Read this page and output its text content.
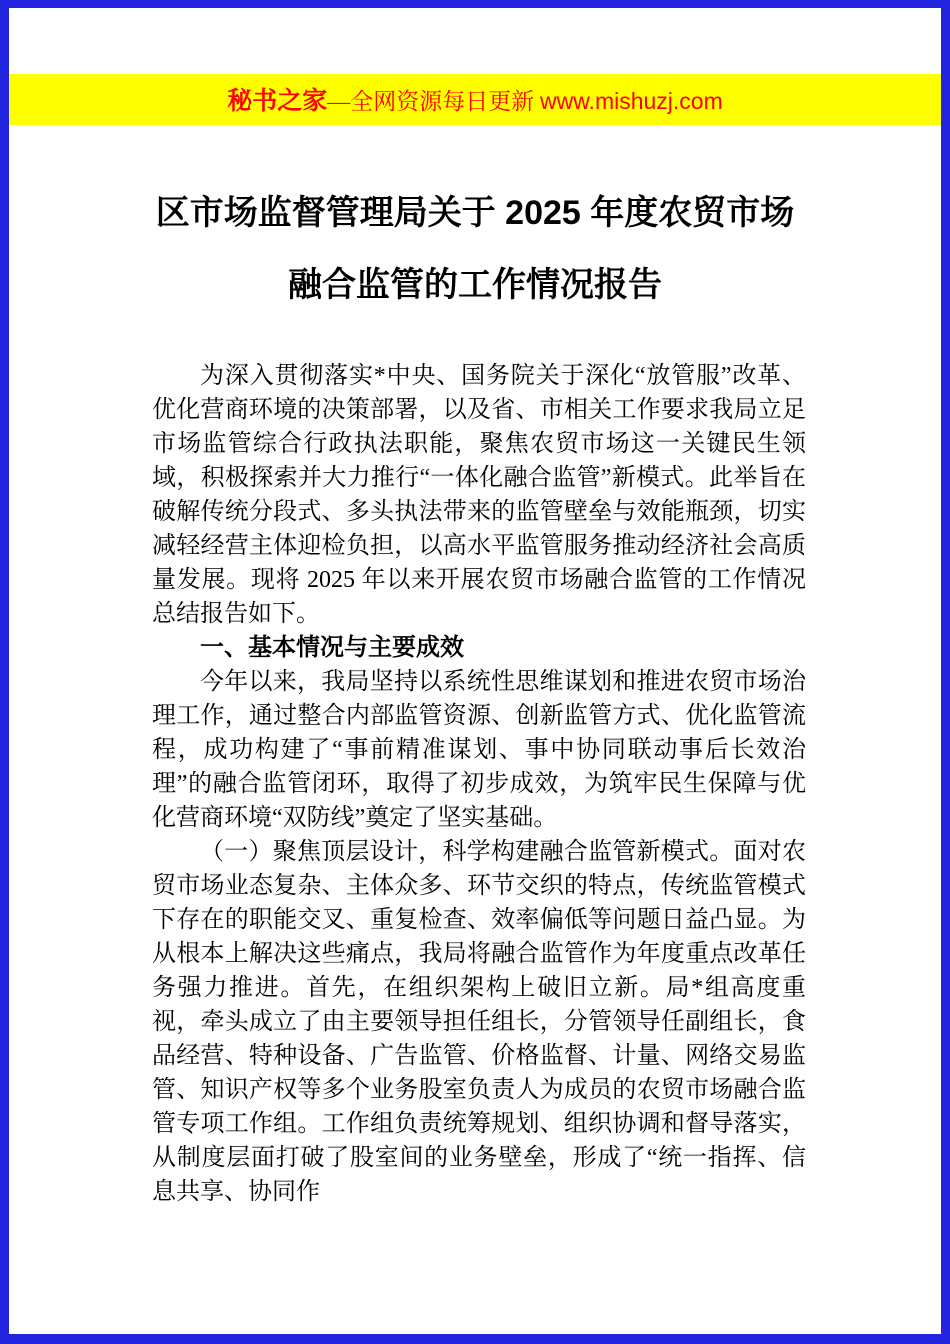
秘书之家—全网资源每日更新 www.mishuzj.com
区市场监督管理局关于 2025 年度农贸市场
融合监管的工作情况报告

为深入贯彻落实*中央、国务院关于深化“放管服”改革、优化营商环境的决策部署，以及省、市相关工作要求我局立足市场监管综合行政执法职能，聚焦农贸市场这一关键民生领域，积极探索并大力推行“一体化融合监管”新模式。此举旨在破解传统分段式、多头执法带来的监管壁垒与效能瓶颈，切实减轻经营主体迎检负担，以高水平监管服务推动经济社会高质量发展。现将 2025 年以来开展农贸市场融合监管的工作情况总结报告如下。

一、基本情况与主要成效

今年以来，我局坚持以系统性思维谋划和推进农贸市场治理工作，通过整合内部监管资源、创新监管方式、优化监管流程，成功构建了“事前精准谋划、事中协同联动事后长效治理”的融合监管闭环，取得了初步成效，为筑牢民生保障与优化营商环境“双防线”奠定了坚实基础。

（一）聚焦顶层设计，科学构建融合监管新模式。面对农贸市场业态复杂、主体众多、环节交织的特点，传统监管模式下存在的职能交叉、重复检查、效率偏低等问题日益凸显。为从根本上解决这些痛点，我局将融合监管作为年度重点改革任务强力推进。首先，在组织架构上破旧立新。局*组高度重视，牵头成立了由主要领导担任组长，分管领导任副组长，食品经营、特种设备、广告监管、价格监督、计量、网络交易监管、知识产权等多个业务股室负责人为成员的农贸市场融合监管专项工作组。工作组负责统筹规划、组织协调和督导落实，从制度层面打破了股室间的业务壁垒，形成了“统一指挥、信息共享、协同作
